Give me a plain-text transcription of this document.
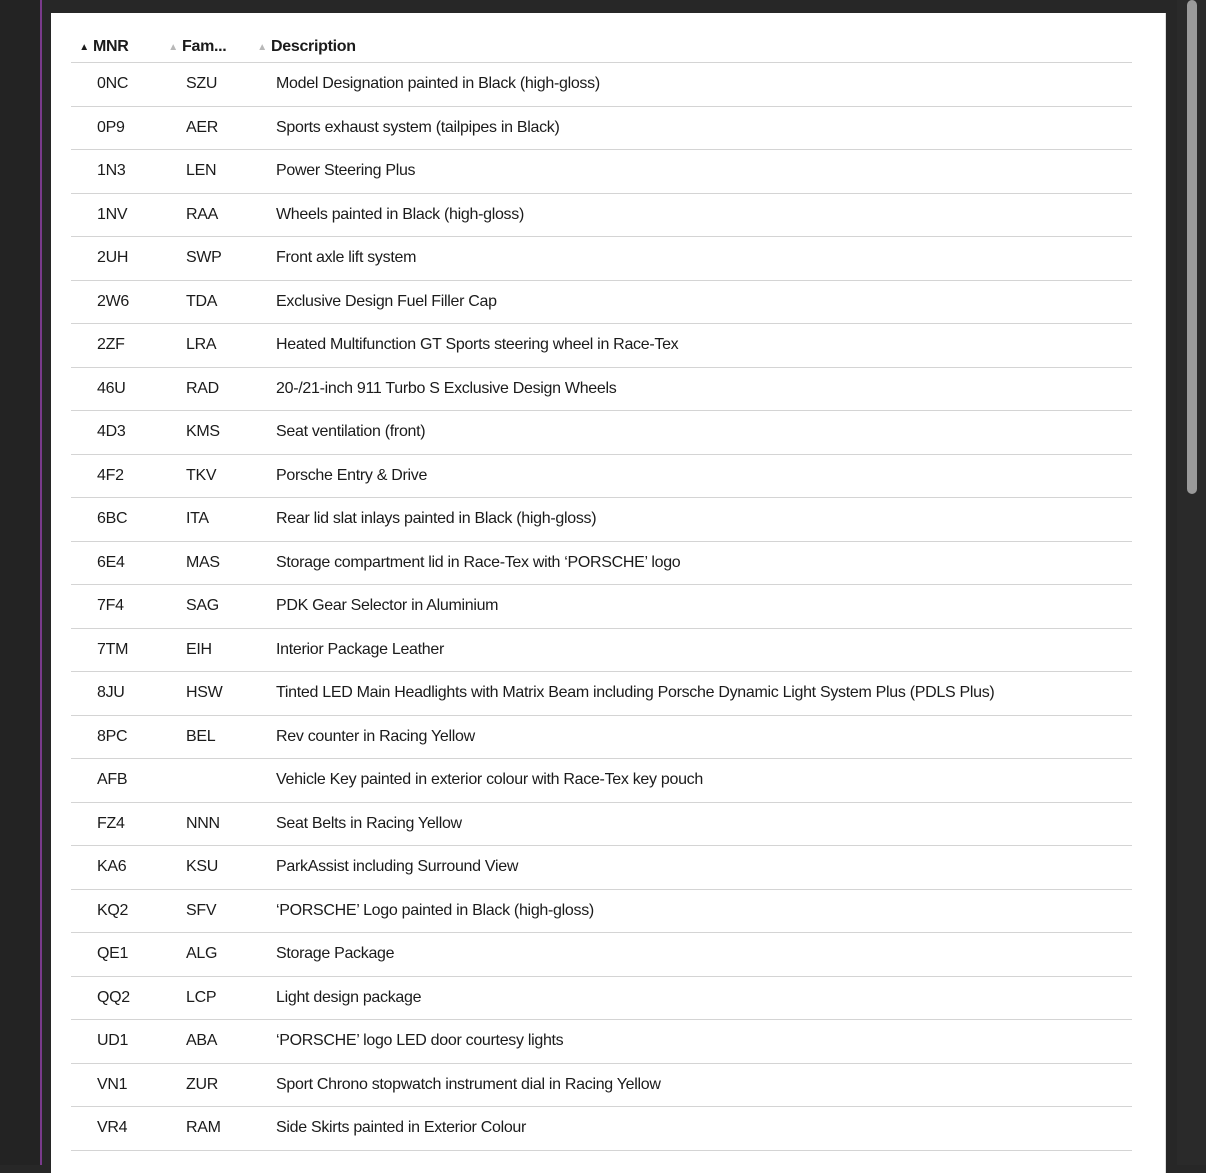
▲ MNR	▲ Fam...	▲ Description
0NC	SZU	Model Designation painted in Black (high-gloss)
0P9	AER	Sports exhaust system (tailpipes in Black)
1N3	LEN	Power Steering Plus
1NV	RAA	Wheels painted in Black (high-gloss)
2UH	SWP	Front axle lift system
2W6	TDA	Exclusive Design Fuel Filler Cap
2ZF	LRA	Heated Multifunction GT Sports steering wheel in Race-Tex
46U	RAD	20-/21-inch 911 Turbo S Exclusive Design Wheels
4D3	KMS	Seat ventilation (front)
4F2	TKV	Porsche Entry & Drive
6BC	ITA	Rear lid slat inlays painted in Black (high-gloss)
6E4	MAS	Storage compartment lid in Race-Tex with ‘PORSCHE’ logo
7F4	SAG	PDK Gear Selector in Aluminium
7TM	EIH	Interior Package Leather
8JU	HSW	Tinted LED Main Headlights with Matrix Beam including Porsche Dynamic Light System Plus (PDLS Plus)
8PC	BEL	Rev counter in Racing Yellow
AFB		Vehicle Key painted in exterior colour with Race-Tex key pouch
FZ4	NNN	Seat Belts in Racing Yellow
KA6	KSU	ParkAssist including Surround View
KQ2	SFV	‘PORSCHE’ Logo painted in Black (high-gloss)
QE1	ALG	Storage Package
QQ2	LCP	Light design package
UD1	ABA	‘PORSCHE’ logo LED door courtesy lights
VN1	ZUR	Sport Chrono stopwatch instrument dial in Racing Yellow
VR4	RAM	Side Skirts painted in Exterior Colour
